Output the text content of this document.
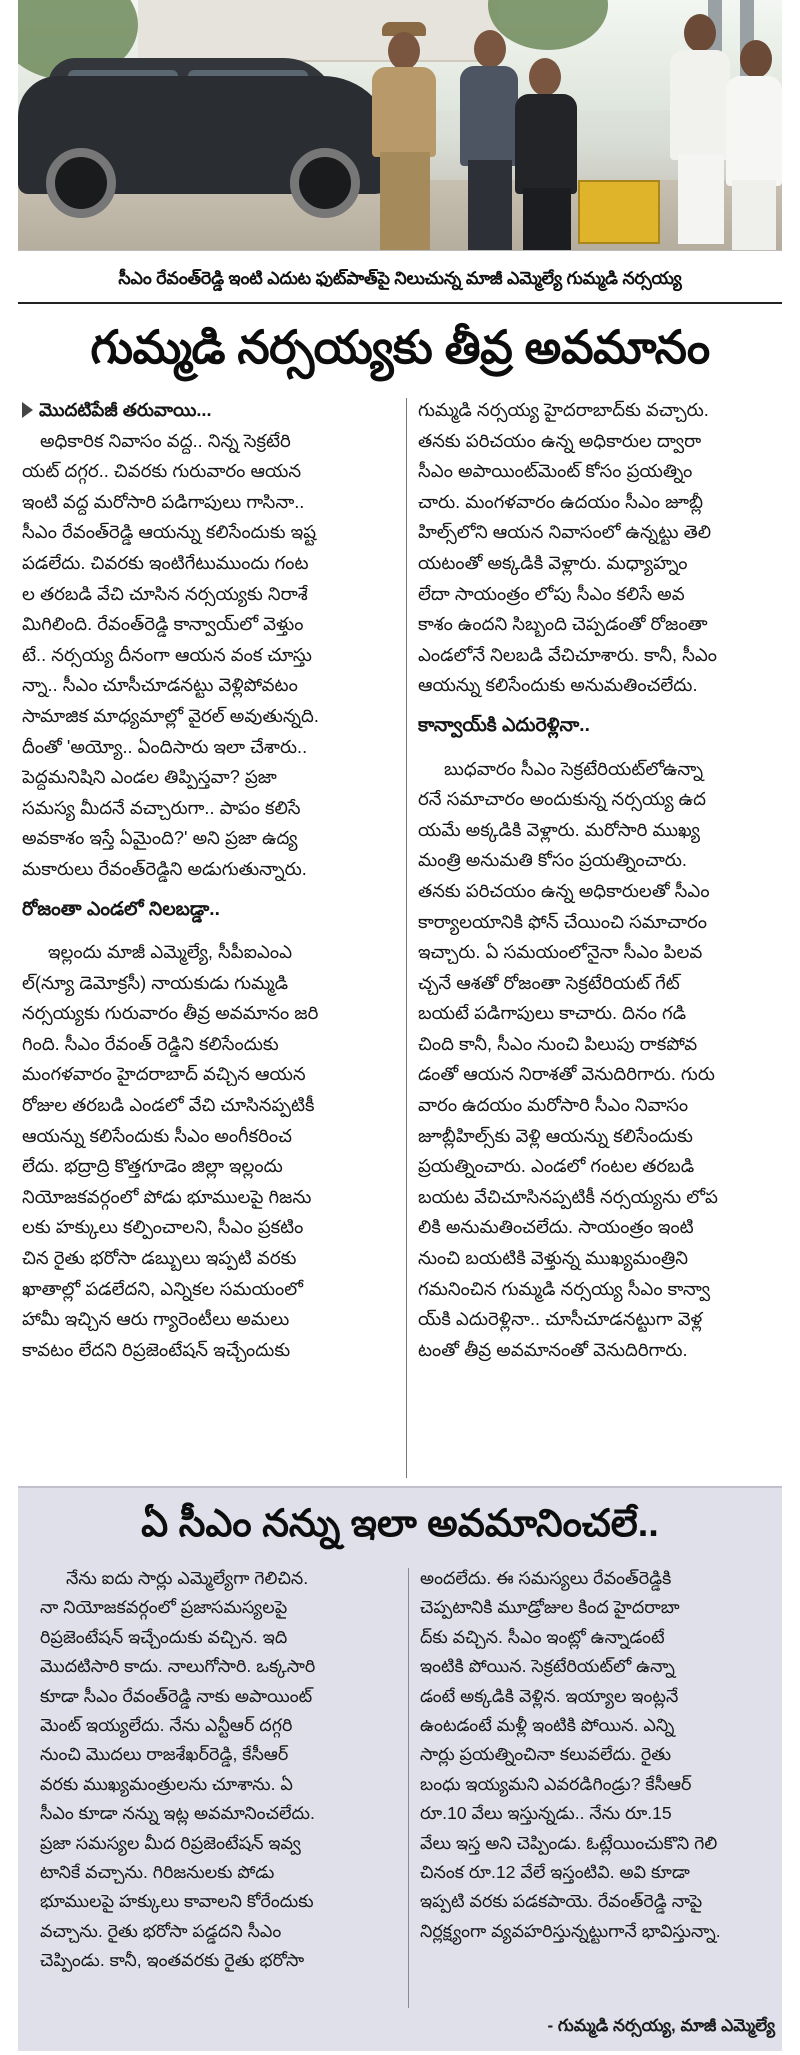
సీఎం రేవంత్‌రెడ్డి ఇంటి ఎదుట ఫుట్‌పాత్‌పై నిలుచున్న మాజీ ఎమ్మెల్యే గుమ్మడి నర్సయ్య
గుమ్మడి నర్సయ్యకు తీవ్ర అవమానం
మొదటిపేజీ తరువాయి...
అధికారిక నివాసం వద్ద.. నిన్న సెక్రటేరి
యట్ దగ్గర.. చివరకు గురువారం ఆయన
ఇంటి వద్ద మరోసారి పడిగాపులు గాసినా..
సీఎం రేవంత్‌రెడ్డి ఆయన్ను కలిసేందుకు ఇష్ట
పడలేదు. చివరకు ఇంటిగేటుముందు గంట
ల తరబడి వేచి చూసిన నర్సయ్యకు నిరాశే
మిగిలింది. రేవంత్‌రెడ్డి కాన్వాయ్‌లో వెళ్తుం
టే.. నర్సయ్య దీనంగా ఆయన వంక చూస్తు
న్నా.. సీఎం చూసీచూడనట్టు వెళ్లిపోవటం
సామాజిక మాధ్యమాల్లో వైరల్ అవుతున్నది.
దీంతో 'అయ్యో.. ఏందిసారు ఇలా చేశారు..
పెద్దమనిషిని ఎండల తిప్పిస్తవా? ప్రజా
సమస్య మీదనే వచ్చారుగా.. పాపం కలిసే
అవకాశం ఇస్తే ఏమైంది?' అని ప్రజా ఉద్య
మకారులు రేవంత్‌రెడ్డిని అడుగుతున్నారు.
రోజంతా ఎండలో నిలబడ్డా..
ఇల్లందు మాజీ ఎమ్మెల్యే, సీపీఐఎంఎ
ల్(న్యూ డెమోక్రసీ) నాయకుడు గుమ్మడి
నర్సయ్యకు గురువారం తీవ్ర అవమానం జరి
గింది. సీఎం రేవంత్ రెడ్డిని కలిసేందుకు
మంగళవారం హైదరాబాద్ వచ్చిన ఆయన
రోజుల తరబడి ఎండలో వేచి చూసినప్పటికీ
ఆయన్ను కలిసేందుకు సీఎం అంగీకరించ
లేదు. భద్రాద్రి కొత్తగూడెం జిల్లా ఇల్లందు
నియోజకవర్గంలో పోడు భూములపై గిజను
లకు హక్కులు కల్పించాలని, సీఎం ప్రకటిం
చిన రైతు భరోసా డబ్బులు ఇప్పటి వరకు
ఖాతాల్లో పడలేదని, ఎన్నికల సమయంలో
హామీ ఇచ్చిన ఆరు గ్యారెంటీలు అమలు
కావటం లేదని రిప్రజెంటేషన్ ఇచ్చేందుకు
గుమ్మడి నర్సయ్య హైదరాబాద్‌కు వచ్చారు.
తనకు పరిచయం ఉన్న అధికారుల ద్వారా
సీఎం అపాయింట్‌మెంట్ కోసం ప్రయత్నిం
చారు. మంగళవారం ఉదయం సీఎం జూబ్లీ
హిల్స్‌లోని ఆయన నివాసంలో ఉన్నట్టు తెలి
యటంతో అక్కడికి వెళ్లారు. మధ్యాహ్నం
లేదా సాయంత్రం లోపు సీఎం కలిసే అవ
కాశం ఉందని సిబ్బంది చెప్పడంతో రోజంతా
ఎండలోనే నిలబడి వేచిచూశారు. కానీ, సీఎం
ఆయన్ను కలిసేందుకు అనుమతించలేదు.
కాన్వాయ్‌కి ఎదురెళ్లినా..
బుధవారం సీఎం సెక్రటేరియట్‌లోఉన్నా
రనే సమాచారం అందుకున్న నర్సయ్య ఉద
యమే అక్కడికి వెళ్లారు. మరోసారి ముఖ్య
మంత్రి అనుమతి కోసం ప్రయత్నించారు.
తనకు పరిచయం ఉన్న అధికారులతో సీఎం
కార్యాలయానికి ఫోన్ చేయించి సమాచారం
ఇచ్చారు. ఏ సమయంలోనైనా సీఎం పిలవ
చ్చనే ఆశతో రోజంతా సెక్రటేరియట్ గేట్
బయటే పడిగాపులు కాచారు. దినం గడి
చింది కానీ, సీఎం నుంచి పిలుపు రాకపోవ
డంతో ఆయన నిరాశతో వెనుదిరిగారు. గురు
వారం ఉదయం మరోసారి సీఎం నివాసం
జూబ్లీహిల్స్‌కు వెళ్లి ఆయన్ను కలిసేందుకు
ప్రయత్నించారు. ఎండలో గంటల తరబడి
బయట వేచిచూసినప్పటికీ నర్సయ్యను లోప
లికి అనుమతించలేదు. సాయంత్రం ఇంటి
నుంచి బయటికి వెళ్తున్న ముఖ్యమంత్రిని
గమనించిన గుమ్మడి నర్సయ్య సీఎం కాన్వా
య్‌కి ఎదురెళ్లినా.. చూసీచూడనట్టుగా వెళ్ల
టంతో తీవ్ర అవమానంతో వెనుదిరిగారు.
ఏ సీఎం నన్ను ఇలా అవమానించలే..
నేను ఐదు సార్లు ఎమ్మెల్యేగా గెలిచిన.
నా నియోజకవర్గంలో ప్రజాసమస్యలపై
రిప్రజెంటేషన్ ఇచ్చేందుకు వచ్చిన. ఇది
మొదటిసారి కాదు. నాలుగోసారి. ఒక్కసారి
కూడా సీఎం రేవంత్‌రెడ్డి నాకు అపాయింట్
మెంట్ ఇయ్యలేదు. నేను ఎన్టీఆర్ దగ్గరి
నుంచి మొదలు రాజశేఖర్‌రెడ్డి, కేసీఆర్
వరకు ముఖ్యమంత్రులను చూశాను. ఏ
సీఎం కూడా నన్ను ఇట్ల అవమానించలేదు.
ప్రజా సమస్యల మీద రిప్రజెంటేషన్ ఇవ్వ
టానికే వచ్చాను. గిరిజనులకు పోడు
భూములపై హక్కులు కావాలని కోరేందుకు
వచ్చాను. రైతు భరోసా పడ్డదని సీఎం
చెప్పిండు. కానీ, ఇంతవరకు రైతు భరోసా
అందలేదు. ఈ సమస్యలు రేవంత్‌రెడ్డికి
చెప్పటానికి మూడ్రోజుల కింద హైదరాబా
ద్‌కు వచ్చిన. సీఎం ఇంట్లో ఉన్నాడంటే
ఇంటికి పోయిన. సెక్రటేరియట్‌లో ఉన్నా
డంటే అక్కడికి వెళ్లిన. ఇయ్యాల ఇంట్లనే
ఉంటడంటే మళ్లీ ఇంటికి పోయిన. ఎన్ని
సార్లు ప్రయత్నించినా కలువలేదు. రైతు
బంధు ఇయ్యమని ఎవరడిగిండ్రు? కేసీఆర్
రూ.10 వేలు ఇస్తున్నడు.. నేను రూ.15
వేలు ఇస్త అని చెప్పిండు. ఓట్లేయించుకొని గెలి
చినంక రూ.12 వేలే ఇస్తంటివి. అవి కూడా
ఇప్పటి వరకు పడకపాయె. రేవంత్‌రెడ్డి నాపై
నిర్లక్ష్యంగా వ్యవహరిస్తున్నట్టుగానే భావిస్తున్నా.
- గుమ్మడి నర్సయ్య, మాజీ ఎమ్మెల్యే
